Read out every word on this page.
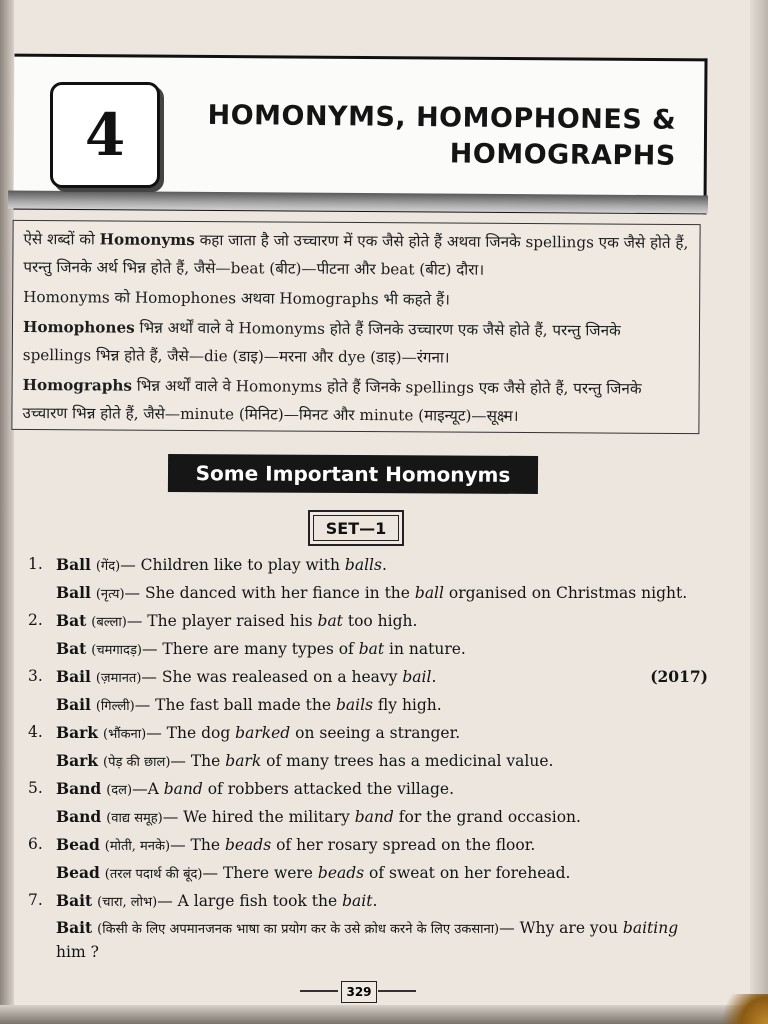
4	HOMONYMS, HOMOPHONES &
HOMOGRAPHS

ऐसे शब्दों को Homonyms कहा जाता है जो उच्चारण में एक जैसे होते हैं अथवा जिनके spellings एक जैसे होते हैं, परन्तु जिनके अर्थ भिन्न होते हैं, जैसे—beat (बीट)—पीटना और beat (बीट) दौरा।

Homonyms को Homophones अथवा Homographs भी कहते हैं।

Homophones भिन्न अर्थों वाले वे Homonyms होते हैं जिनके उच्चारण एक जैसे होते हैं, परन्तु जिनके spellings भिन्न होते हैं, जैसे—die (डाइ)—मरना और dye (डाइ)—रंगना।

Homographs भिन्न अर्थों वाले वे Homonyms होते हैं जिनके spellings एक जैसे होते हैं, परन्तु जिनके उच्चारण भिन्न होते हैं, जैसे—minute (मिनिट)—मिनट और minute (माइन्यूट)—सूक्ष्म।

Some Important Homonyms
SET—1
1. Ball (गेंद)— Children like to play with balls.
Ball (नृत्य)— She danced with her fiance in the ball organised on Christmas night.
2. Bat (बल्ला)— The player raised his bat too high.
Bat (चमगादड़)— There are many types of bat in nature.
3. Bail (ज़मानत)— She was realeased on a heavy bail.	(2017)
Bail (गिल्ली)— The fast ball made the bails fly high.
4. Bark (भौंकना)— The dog barked on seeing a stranger.
Bark (पेड़ की छाल)— The bark of many trees has a medicinal value.
5. Band (दल)—A band of robbers attacked the village.
Band (वाद्य समूह)— We hired the military band for the grand occasion.
6. Bead (मोती, मनके)— The beads of her rosary spread on the floor.
Bead (तरल पदार्थ की बूंद)— There were beads of sweat on her forehead.
7. Bait (चारा, लोभ)— A large fish took the bait.
Bait (किसी के लिए अपमानजनक भाषा का प्रयोग कर के उसे क्रोध करने के लिए उकसाना)— Why are you baiting him ?
329
